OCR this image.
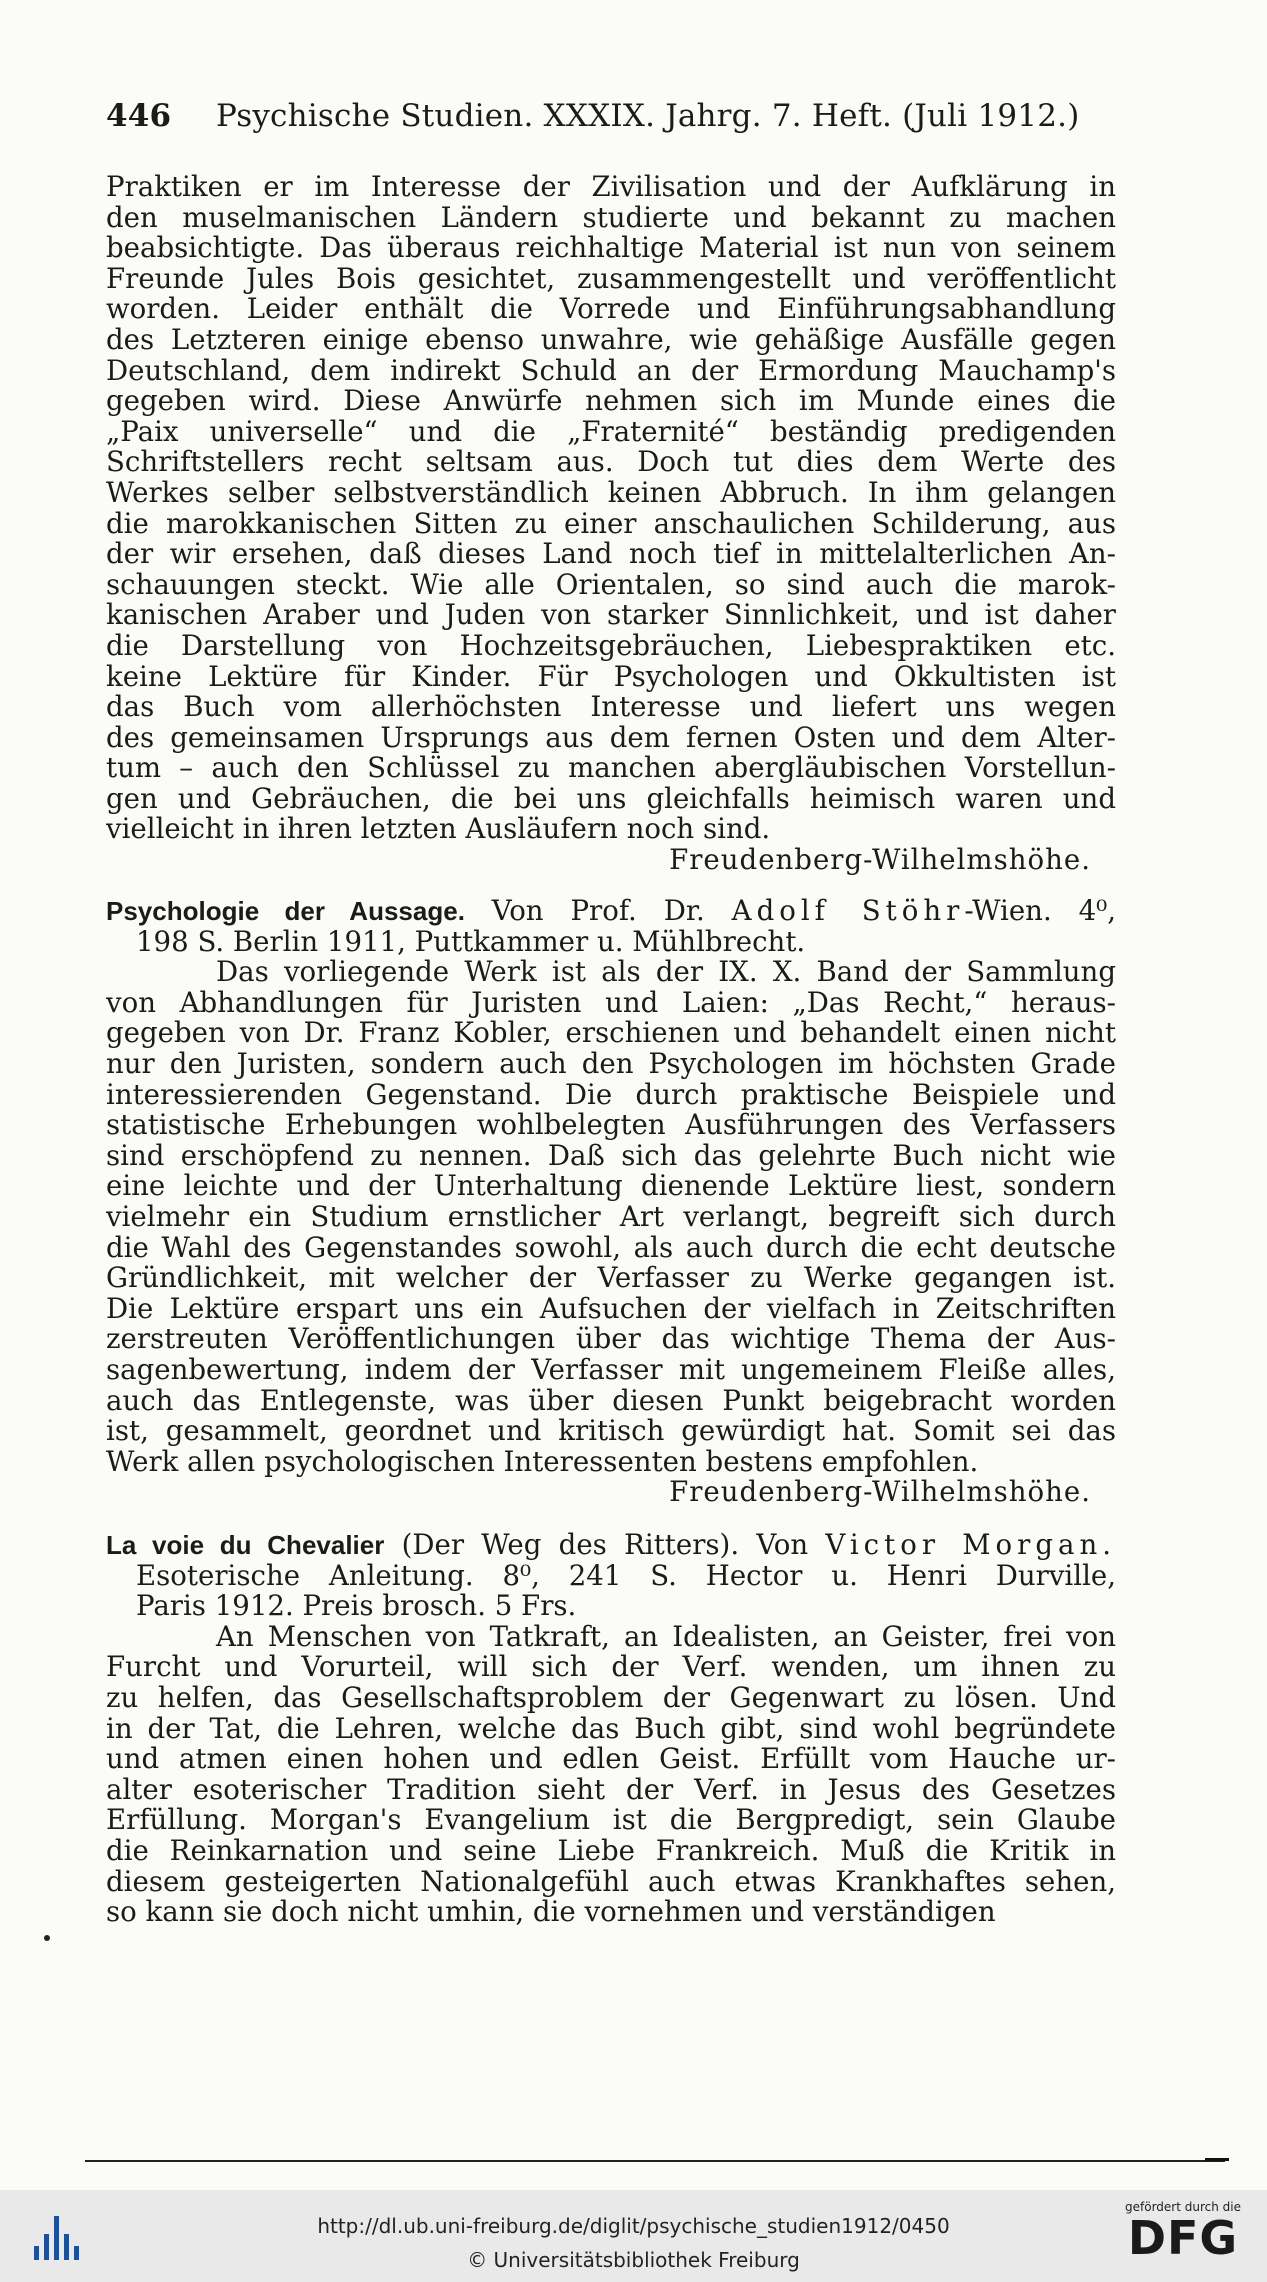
446	Psychische Studien. XXXIX. Jahrg. 7. Heft. (Juli 1912.)
Praktiken er im Interesse der Zivilisation und der Aufklärung in
den muselmanischen Ländern studierte und bekannt zu machen
beabsichtigte. Das überaus reichhaltige Material ist nun von seinem
Freunde Jules Bois gesichtet, zusammengestellt und veröffentlicht
worden. Leider enthält die Vorrede und Einführungsabhandlung
des Letzteren einige ebenso unwahre, wie gehäßige Ausfälle gegen
Deutschland, dem indirekt Schuld an der Ermordung Mauchamp's
gegeben wird. Diese Anwürfe nehmen sich im Munde eines die
„Paix universelle“ und die „Fraternité“ beständig predigenden
Schriftstellers recht seltsam aus. Doch tut dies dem Werte des
Werkes selber selbstverständlich keinen Abbruch. In ihm gelangen
die marokkanischen Sitten zu einer anschaulichen Schilderung, aus
der wir ersehen, daß dieses Land noch tief in mittelalterlichen An-
schauungen steckt. Wie alle Orientalen, so sind auch die marok-
kanischen Araber und Juden von starker Sinnlichkeit, und ist daher
die Darstellung von Hochzeitsgebräuchen, Liebespraktiken etc.
keine Lektüre für Kinder. Für Psychologen und Okkultisten ist
das Buch vom allerhöchsten Interesse und liefert uns wegen
des gemeinsamen Ursprungs aus dem fernen Osten und dem Alter-
tum – auch den Schlüssel zu manchen abergläubischen Vorstellun-
gen und Gebräuchen, die bei uns gleichfalls heimisch waren und
vielleicht in ihren letzten Ausläufern noch sind.
Freudenberg-Wilhelmshöhe.
Psychologie der Aussage. Von Prof. Dr. Adolf Stöhr-Wien. 4⁰,
198 S. Berlin 1911, Puttkammer u. Mühlbrecht.
Das vorliegende Werk ist als der IX. X. Band der Sammlung
von Abhandlungen für Juristen und Laien: „Das Recht,“ heraus-
gegeben von Dr. Franz Kobler, erschienen und behandelt einen nicht
nur den Juristen, sondern auch den Psychologen im höchsten Grade
interessierenden Gegenstand. Die durch praktische Beispiele und
statistische Erhebungen wohlbelegten Ausführungen des Verfassers
sind erschöpfend zu nennen. Daß sich das gelehrte Buch nicht wie
eine leichte und der Unterhaltung dienende Lektüre liest, sondern
vielmehr ein Studium ernstlicher Art verlangt, begreift sich durch
die Wahl des Gegenstandes sowohl, als auch durch die echt deutsche
Gründlichkeit, mit welcher der Verfasser zu Werke gegangen ist.
Die Lektüre erspart uns ein Aufsuchen der vielfach in Zeitschriften
zerstreuten Veröffentlichungen über das wichtige Thema der Aus-
sagenbewertung, indem der Verfasser mit ungemeinem Fleiße alles,
auch das Entlegenste, was über diesen Punkt beigebracht worden
ist, gesammelt, geordnet und kritisch gewürdigt hat. Somit sei das
Werk allen psychologischen Interessenten bestens empfohlen.
Freudenberg-Wilhelmshöhe.
La voie du Chevalier (Der Weg des Ritters). Von Victor Morgan.
Esoterische Anleitung. 8⁰, 241 S. Hector u. Henri Durville,
Paris 1912. Preis brosch. 5 Frs.
An Menschen von Tatkraft, an Idealisten, an Geister, frei von
Furcht und Vorurteil, will sich der Verf. wenden, um ihnen zu
zu helfen, das Gesellschaftsproblem der Gegenwart zu lösen. Und
in der Tat, die Lehren, welche das Buch gibt, sind wohl begründete
und atmen einen hohen und edlen Geist. Erfüllt vom Hauche ur-
alter esoterischer Tradition sieht der Verf. in Jesus des Gesetzes
Erfüllung. Morgan's Evangelium ist die Bergpredigt, sein Glaube
die Reinkarnation und seine Liebe Frankreich. Muß die Kritik in
diesem gesteigerten Nationalgefühl auch etwas Krankhaftes sehen,
so kann sie doch nicht umhin, die vornehmen und verständigen
http://dl.ub.uni-freiburg.de/diglit/psychische_studien1912/0450
© Universitätsbibliothek Freiburg
gefördert durch die
DFG
